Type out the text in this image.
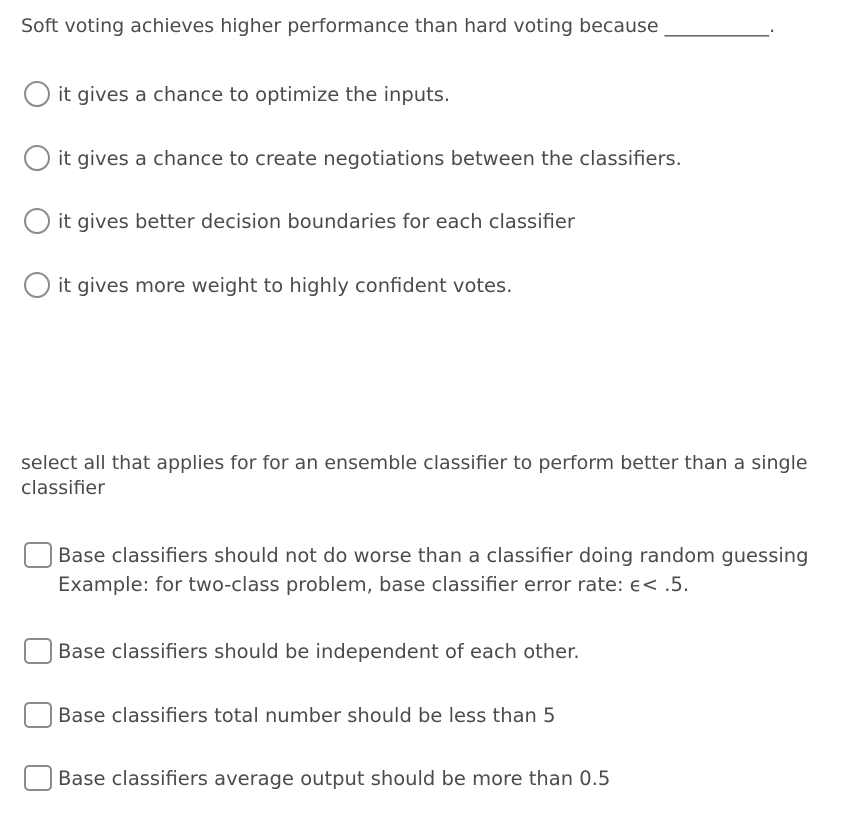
Soft voting achieves higher performance than hard voting because ___________.

it gives a chance to optimize the inputs.
it gives a chance to create negotiations between the classifiers.
it gives better decision boundaries for each classifier
it gives more weight to highly confident votes.

select all that applies for for an ensemble classifier to perform better than a single classifier

Base classifiers should not do worse than a classifier doing random guessing
Example: for two-class problem, base classifier error rate: ϵ< .5.
Base classifiers should be independent of each other.
Base classifiers total number should be less than 5
Base classifiers average output should be more than 0.5
